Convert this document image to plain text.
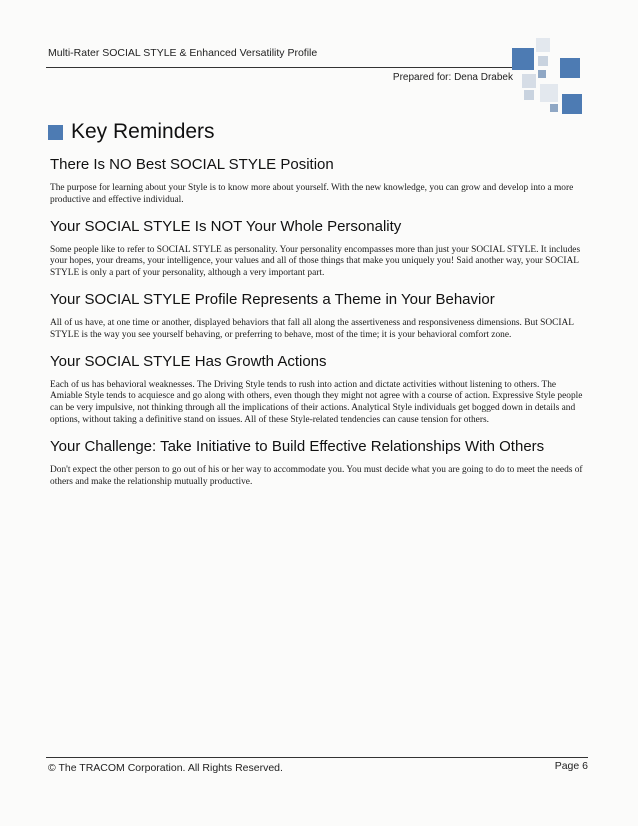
Multi-Rater SOCIAL STYLE & Enhanced Versatility Profile
Prepared for: Dena Drabek
Key Reminders
There Is NO Best SOCIAL STYLE Position

The purpose for learning about your Style is to know more about yourself. With the new knowledge, you can grow and develop into a more productive and effective individual.

Your SOCIAL STYLE Is NOT Your Whole Personality

Some people like to refer to SOCIAL STYLE as personality. Your personality encompasses more than just your SOCIAL STYLE. It includes your hopes, your dreams, your intelligence, your values and all of those things that make you uniquely you! Said another way, your SOCIAL STYLE is only a part of your personality, although a very important part.

Your SOCIAL STYLE Profile Represents a Theme in Your Behavior

All of us have, at one time or another, displayed behaviors that fall all along the assertiveness and responsiveness dimensions. But SOCIAL STYLE is the way you see yourself behaving, or preferring to behave, most of the time; it is your behavioral comfort zone.

Your SOCIAL STYLE Has Growth Actions

Each of us has behavioral weaknesses. The Driving Style tends to rush into action and dictate activities without listening to others. The Amiable Style tends to acquiesce and go along with others, even though they might not agree with a course of action. Expressive Style people can be very impulsive, not thinking through all the implications of their actions. Analytical Style individuals get bogged down in details and options, without taking a definitive stand on issues. All of these Style-related tendencies can cause tension for others.

Your Challenge: Take Initiative to Build Effective Relationships With Others

Don't expect the other person to go out of his or her way to accommodate you. You must decide what you are going to do to meet the needs of others and make the relationship mutually productive.

© The TRACOM Corporation. All Rights Reserved.	Page 6
